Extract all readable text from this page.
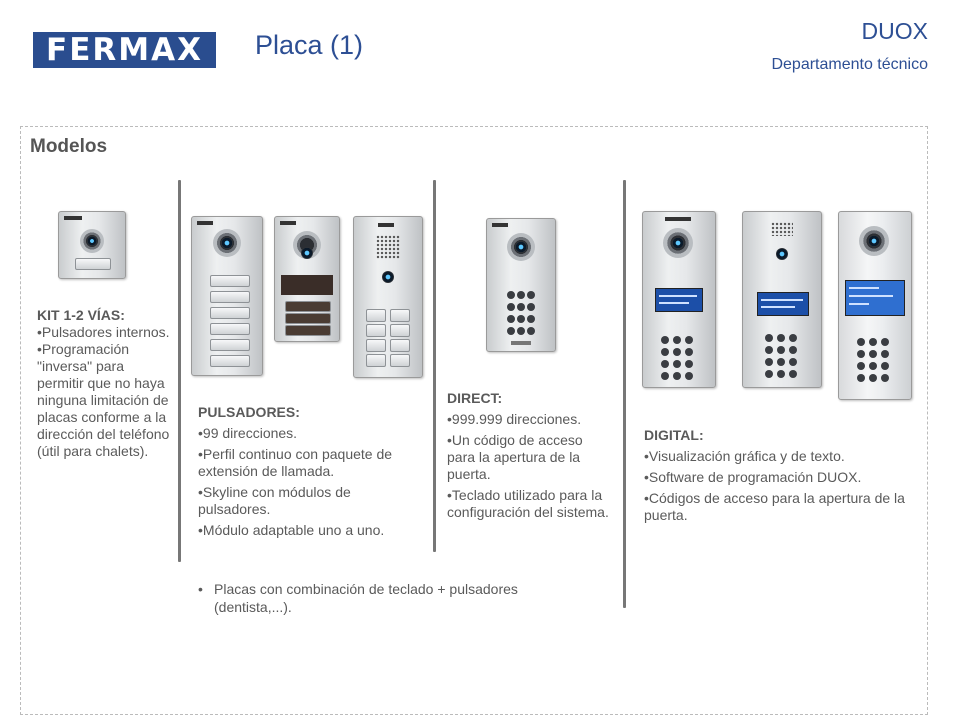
FERMAX Placa (1)	DUOX
Departamento técnico
Modelos
KIT 1-2 VÍAS:
•Pulsadores internos.
•Programación "inversa" para permitir que no haya ninguna limitación de placas conforme a la dirección del teléfono (útil para chalets).

PULSADORES:

•99 direcciones.

•Perfil continuo con paquete de extensión de llamada.

•Skyline con módulos de pulsadores.

•Módulo adaptable uno a uno.

DIRECT:

•999.999 direcciones.

•Un código de acceso para la apertura de la puerta.

•Teclado utilizado para la configuración del sistema.

DIGITAL:

•Visualización gráfica y de texto.

•Software de programación DUOX.

•Códigos de acceso para la apertura de la puerta.

• Placas con combinación de teclado + pulsadores (dentista,...).
